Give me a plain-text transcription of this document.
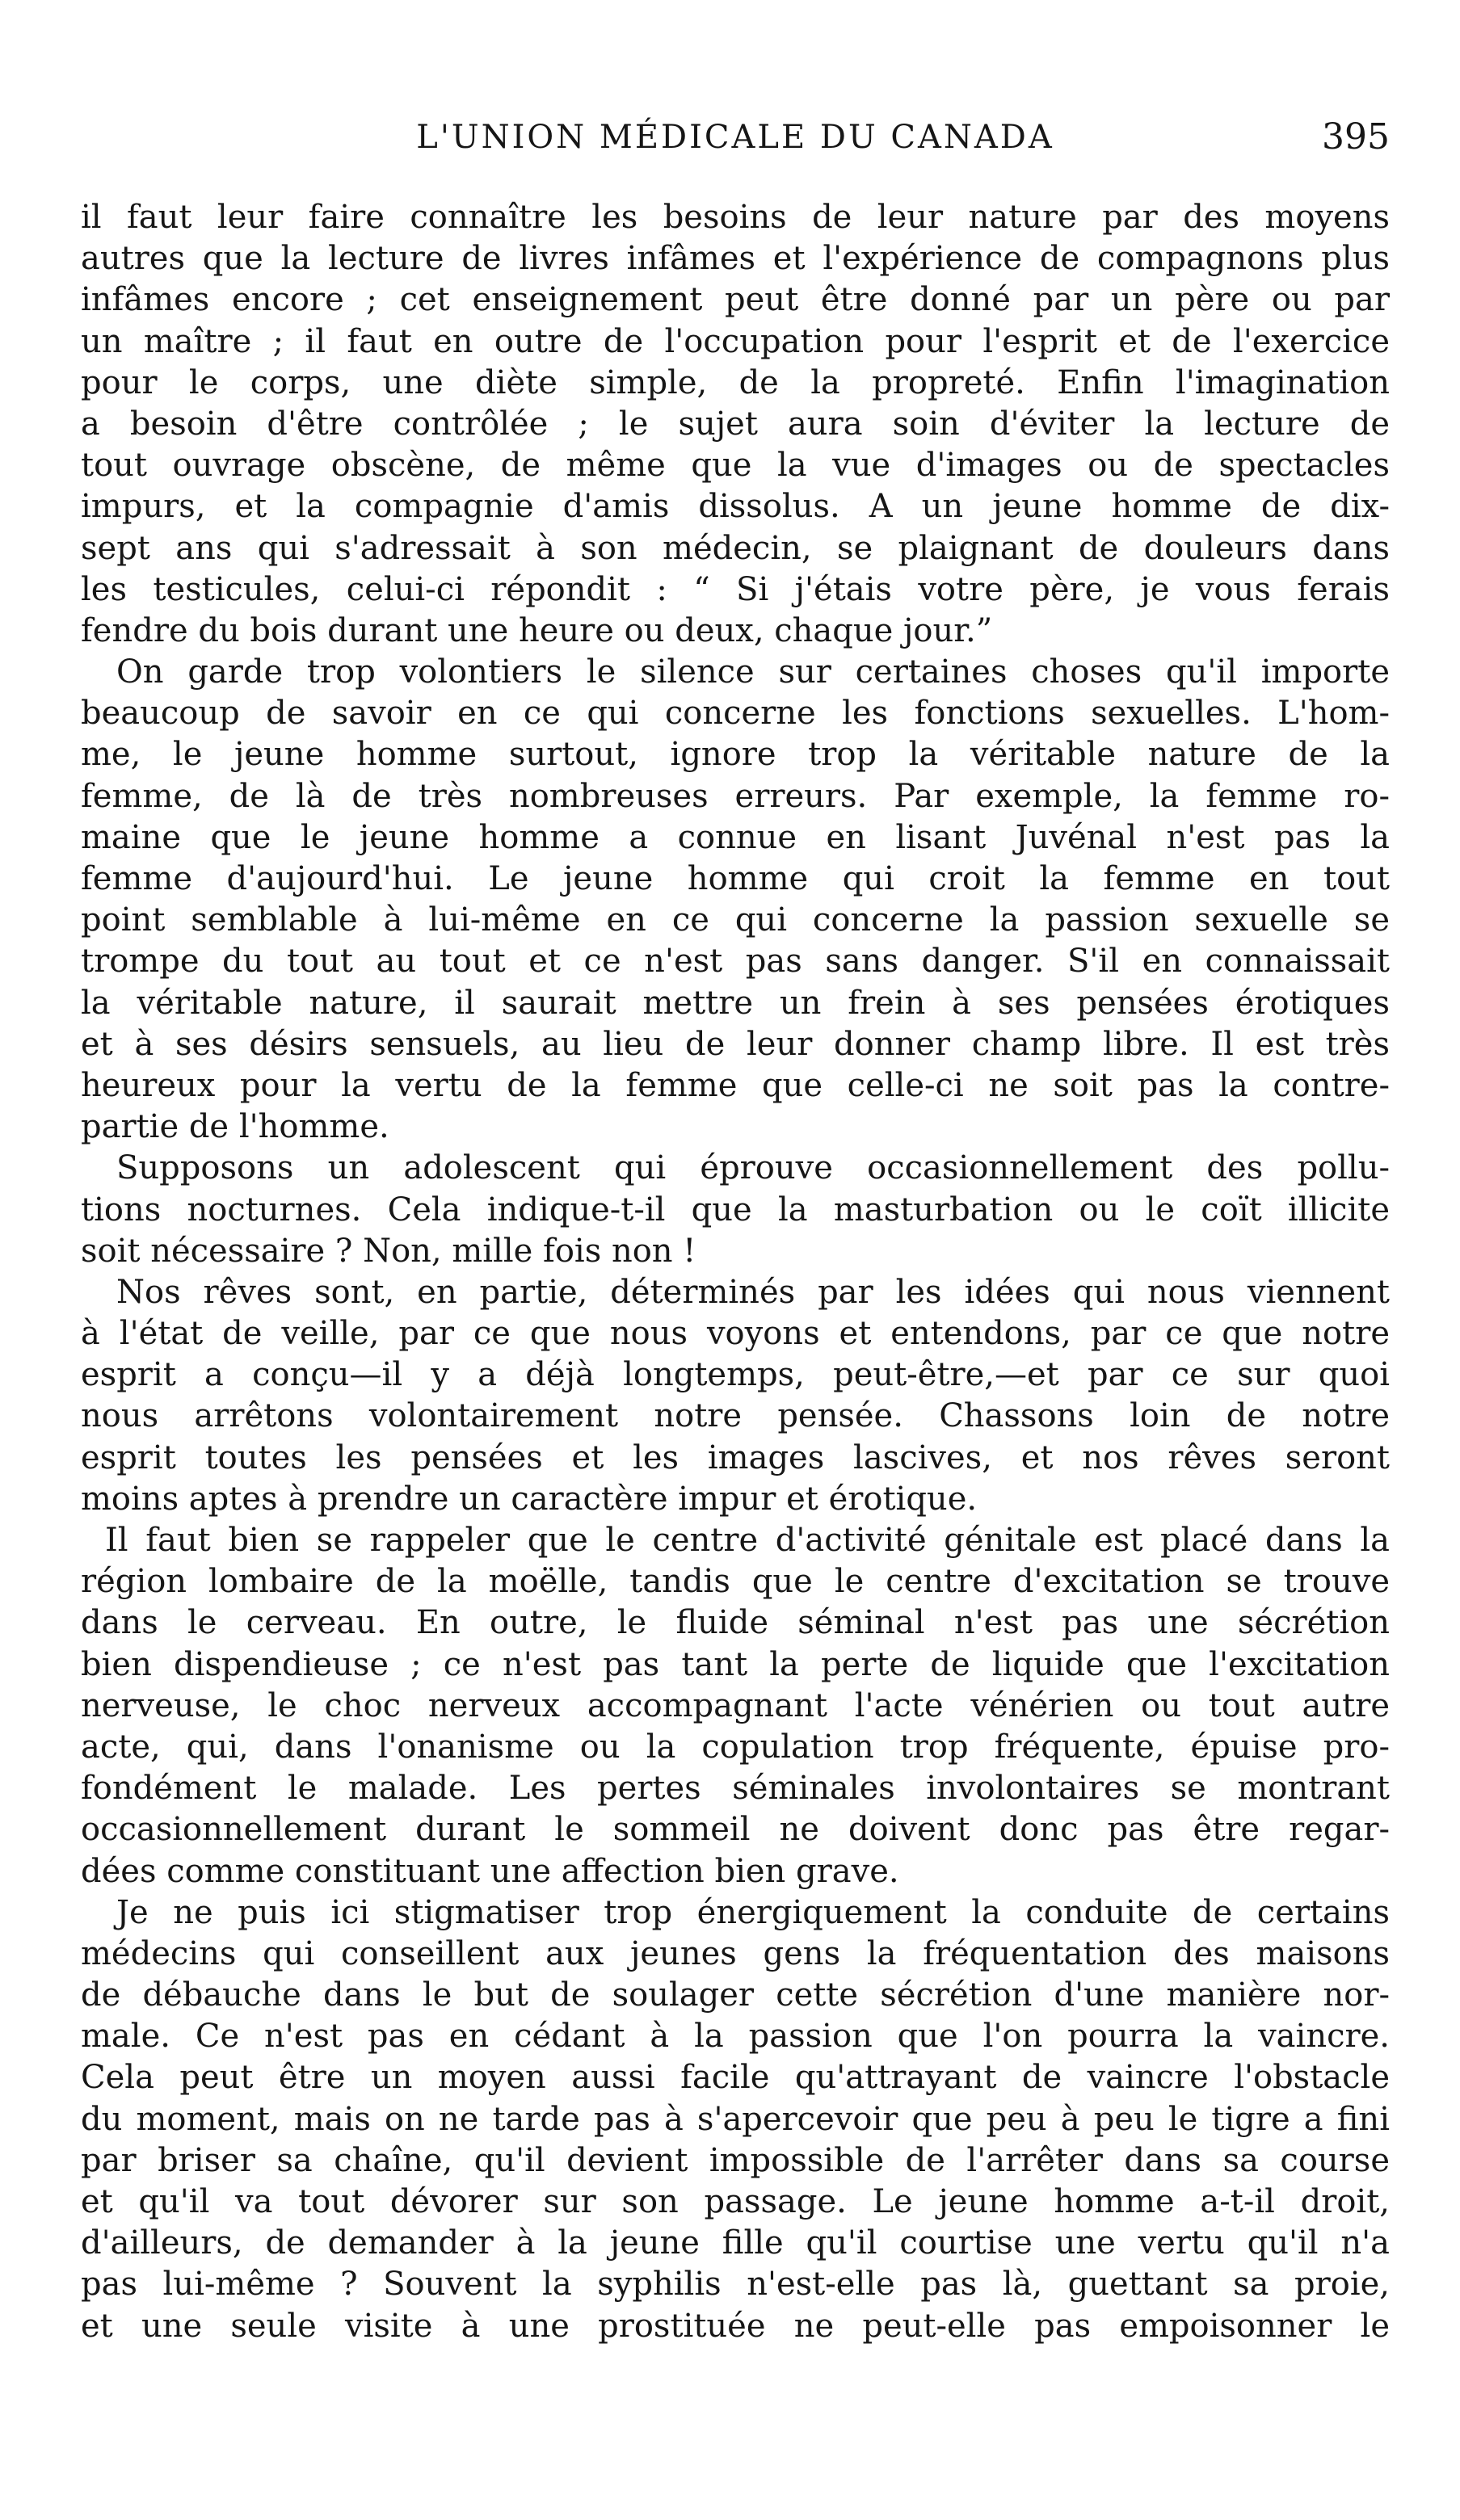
L'UNION MÉDICALE DU CANADA	395
il faut leur faire connaître les besoins de leur nature par des moyens
autres que la lecture de livres infâmes et l'expérience de compagnons plus
infâmes encore ; cet enseignement peut être donné par un père ou par
un maître ; il faut en outre de l'occupation pour l'esprit et de l'exercice
pour le corps, une diète simple, de la propreté. Enfin l'imagination
a besoin d'être contrôlée ; le sujet aura soin d'éviter la lecture de
tout ouvrage obscène, de même que la vue d'images ou de spectacles
impurs, et la compagnie d'amis dissolus. A un jeune homme de dix-
sept ans qui s'adressait à son médecin, se plaignant de douleurs dans
les testicules, celui-ci répondit : “ Si j'étais votre père, je vous ferais
fendre du bois durant une heure ou deux, chaque jour.”
On garde trop volontiers le silence sur certaines choses qu'il importe
beaucoup de savoir en ce qui concerne les fonctions sexuelles. L'hom-
me, le jeune homme surtout, ignore trop la véritable nature de la
femme, de là de très nombreuses erreurs. Par exemple, la femme ro-
maine que le jeune homme a connue en lisant Juvénal n'est pas la
femme d'aujourd'hui. Le jeune homme qui croit la femme en tout
point semblable à lui-même en ce qui concerne la passion sexuelle se
trompe du tout au tout et ce n'est pas sans danger. S'il en connaissait
la véritable nature, il saurait mettre un frein à ses pensées érotiques
et à ses désirs sensuels, au lieu de leur donner champ libre. Il est très
heureux pour la vertu de la femme que celle-ci ne soit pas la contre-
partie de l'homme.
Supposons un adolescent qui éprouve occasionnellement des pollu-
tions nocturnes. Cela indique-t-il que la masturbation ou le coït illicite
soit nécessaire ? Non, mille fois non !
Nos rêves sont, en partie, déterminés par les idées qui nous viennent
à l'état de veille, par ce que nous voyons et entendons, par ce que notre
esprit a conçu—il y a déjà longtemps, peut-être,—et par ce sur quoi
nous arrêtons volontairement notre pensée. Chassons loin de notre
esprit toutes les pensées et les images lascives, et nos rêves seront
moins aptes à prendre un caractère impur et érotique.
Il faut bien se rappeler que le centre d'activité génitale est placé dans la
région lombaire de la moëlle, tandis que le centre d'excitation se trouve
dans le cerveau. En outre, le fluide séminal n'est pas une sécrétion
bien dispendieuse ; ce n'est pas tant la perte de liquide que l'excitation
nerveuse, le choc nerveux accompagnant l'acte vénérien ou tout autre
acte, qui, dans l'onanisme ou la copulation trop fréquente, épuise pro-
fondément le malade. Les pertes séminales involontaires se montrant
occasionnellement durant le sommeil ne doivent donc pas être regar-
dées comme constituant une affection bien grave.
Je ne puis ici stigmatiser trop énergiquement la conduite de certains
médecins qui conseillent aux jeunes gens la fréquentation des maisons
de débauche dans le but de soulager cette sécrétion d'une manière nor-
male. Ce n'est pas en cédant à la passion que l'on pourra la vaincre.
Cela peut être un moyen aussi facile qu'attrayant de vaincre l'obstacle
du moment, mais on ne tarde pas à s'apercevoir que peu à peu le tigre a fini
par briser sa chaîne, qu'il devient impossible de l'arrêter dans sa course
et qu'il va tout dévorer sur son passage. Le jeune homme a-t-il droit,
d'ailleurs, de demander à la jeune fille qu'il courtise une vertu qu'il n'a
pas lui-même ? Souvent la syphilis n'est-elle pas là, guettant sa proie,
et une seule visite à une prostituée ne peut-elle pas empoisonner le
